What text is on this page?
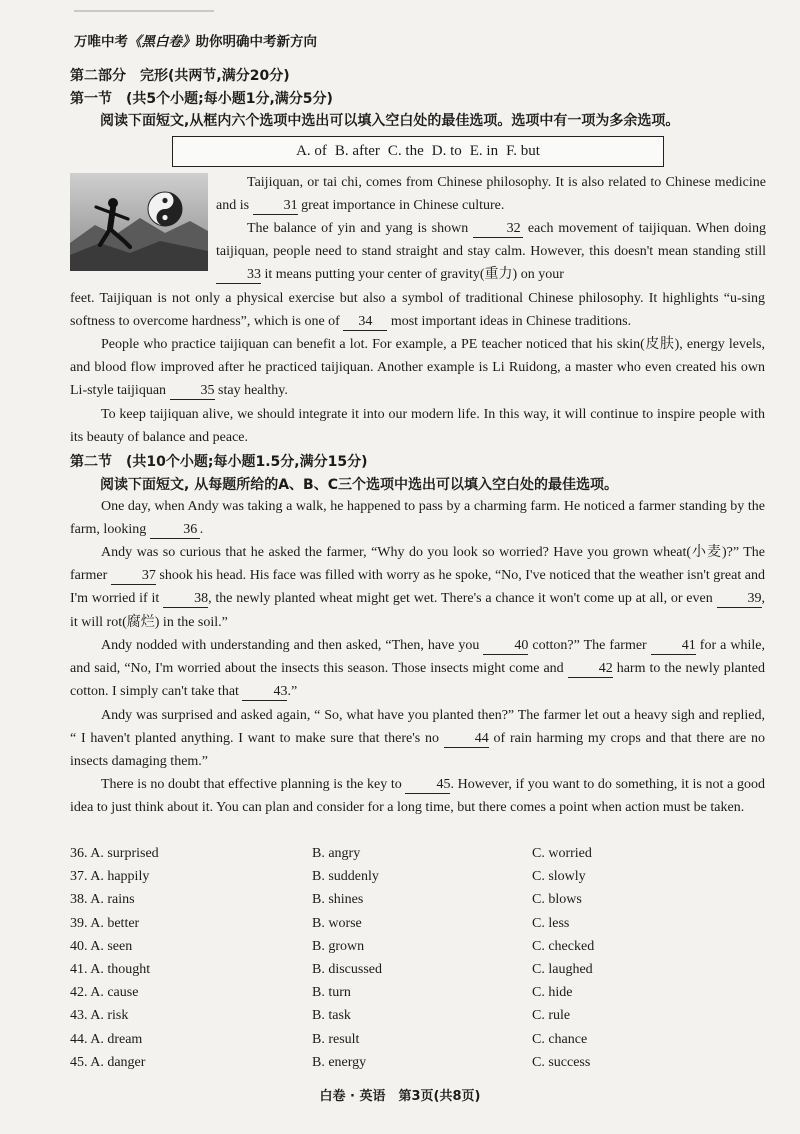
万唯中考《黑白卷》助你明确中考新方向
第二部分　完形(共两节,满分20分)
第一节　(共5个小题;每小题1分,满分5分)
阅读下面短文,从框内六个选项中选出可以填入空白处的最佳选项。选项中有一项为多余选项。
A. of B. after C. the D. to E. in F. but

Taijiquan, or tai chi, comes from Chinese philosophy. It is also related to Chinese medicine and is 31 great importance in Chinese culture.

The balance of yin and yang is shown 32 each movement of taijiquan. When doing taijiquan, people need to stand straight and stay calm. However, this doesn't mean standing still 33 it means putting your center of gravity(重力) on your

feet. Taijiquan is not only a physical exercise but also a symbol of traditional Chinese philosophy. It highlights “u-sing softness to overcome hardness”, which is one of 34 most important ideas in Chinese traditions.

People who practice taijiquan can benefit a lot. For example, a PE teacher noticed that his skin(皮肤), energy levels, and blood flow improved after he practiced taijiquan. Another example is Li Ruidong, a master who even created his own Li-style taijiquan 35 stay healthy.

To keep taijiquan alive, we should integrate it into our modern life. In this way, it will continue to inspire people with its beauty of balance and peace.

第二节　(共10个小题;每小题1.5分,满分15分)
阅读下面短文, 从每题所给的A、B、C三个选项中选出可以填入空白处的最佳选项。

One day, when Andy was taking a walk, he happened to pass by a charming farm. He noticed a farmer standing by the farm, looking 36 .

Andy was so curious that he asked the farmer, “Why do you look so worried? Have you grown wheat(小麦)?” The farmer 37 shook his head. His face was filled with worry as he spoke, “No, I've noticed that the weather isn't great and I'm worried if it 38, the newly planted wheat might get wet. There's a chance it won't come up at all, or even 39, it will rot(腐烂) in the soil.”

Andy nodded with understanding and then asked, “Then, have you 40 cotton?” The farmer 41 for a while, and said, “No, I'm worried about the insects this season. Those insects might come and 42 harm to the newly planted cotton. I simply can't take that 43.”

Andy was surprised and asked again, “ So, what have you planted then?” The farmer let out a heavy sigh and replied, “ I haven't planted anything. I want to make sure that there's no 44 of rain harming my crops and that there are no insects damaging them.”

There is no doubt that effective planning is the key to 45. However, if you want to do something, it is not a good idea to just think about it. You can plan and consider for a long time, but there comes a point when action must be taken.

36. A. surprised	B. angry	C. worried
37. A. happily	B. suddenly	C. slowly
38. A. rains	B. shines	C. blows
39. A. better	B. worse	C. less
40. A. seen	B. grown	C. checked
41. A. thought	B. discussed	C. laughed
42. A. cause	B. turn	C. hide
43. A. risk	B. task	C. rule
44. A. dream	B. result	C. chance
45. A. danger	B. energy	C. success
白卷 · 英语　第3页(共8页)
